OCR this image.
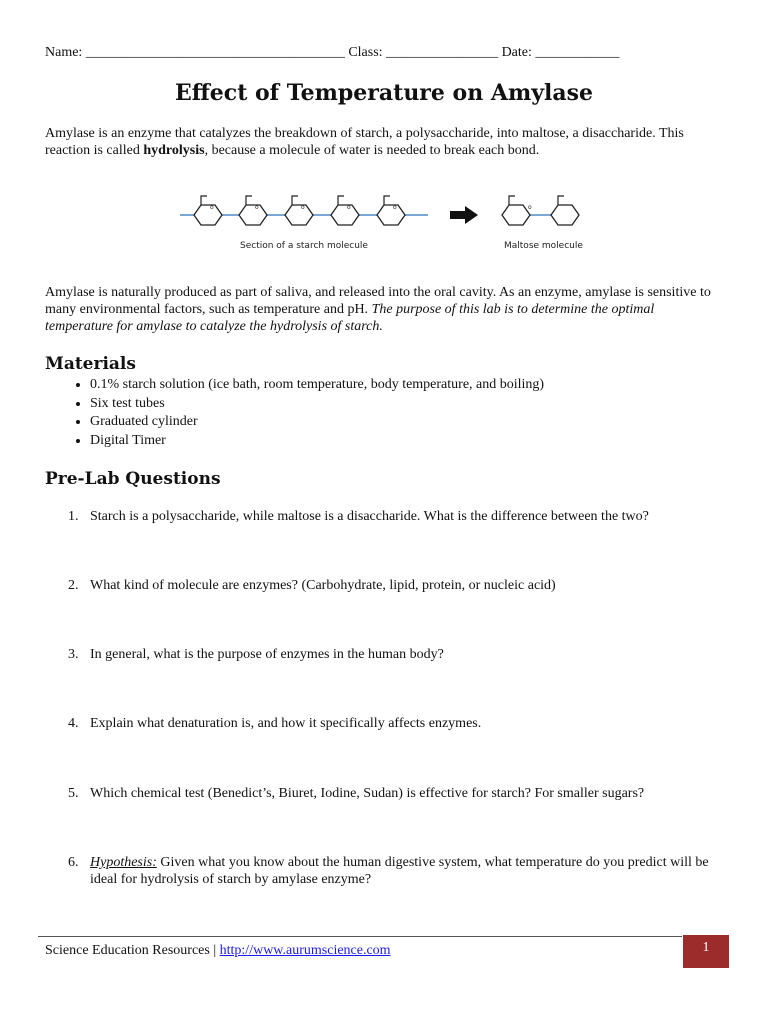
Name: _____________________________________ Class: ________________ Date: ____________
Effect of Temperature on Amylase
Amylase is an enzyme that catalyzes the breakdown of starch, a polysaccharide, into maltose, a disaccharide. This reaction is called hydrolysis, because a molecule of water is needed to break each bond.
o	o	o	o	o	o
Section of a starch molecule	Maltose molecule
Amylase is naturally produced as part of saliva, and released into the oral cavity. As an enzyme, amylase is sensitive to many environmental factors, such as temperature and pH. The purpose of this lab is to determine the optimal temperature for amylase to catalyze the hydrolysis of starch.
Materials
• 0.1% starch solution (ice bath, room temperature, body temperature, and boiling)
• Six test tubes
• Graduated cylinder
• Digital Timer
Pre-Lab Questions
1. Starch is a polysaccharide, while maltose is a disaccharide. What is the difference between the two?
2. What kind of molecule are enzymes? (Carbohydrate, lipid, protein, or nucleic acid)
3. In general, what is the purpose of enzymes in the human body?
4. Explain what denaturation is, and how it specifically affects enzymes.
5. Which chemical test (Benedict’s, Biuret, Iodine, Sudan) is effective for starch? For smaller sugars?
6. Hypothesis: Given what you know about the human digestive system, what temperature do you predict will be ideal for hydrolysis of starch by amylase enzyme?
Science Education Resources | http://www.aurumscience.com	1
